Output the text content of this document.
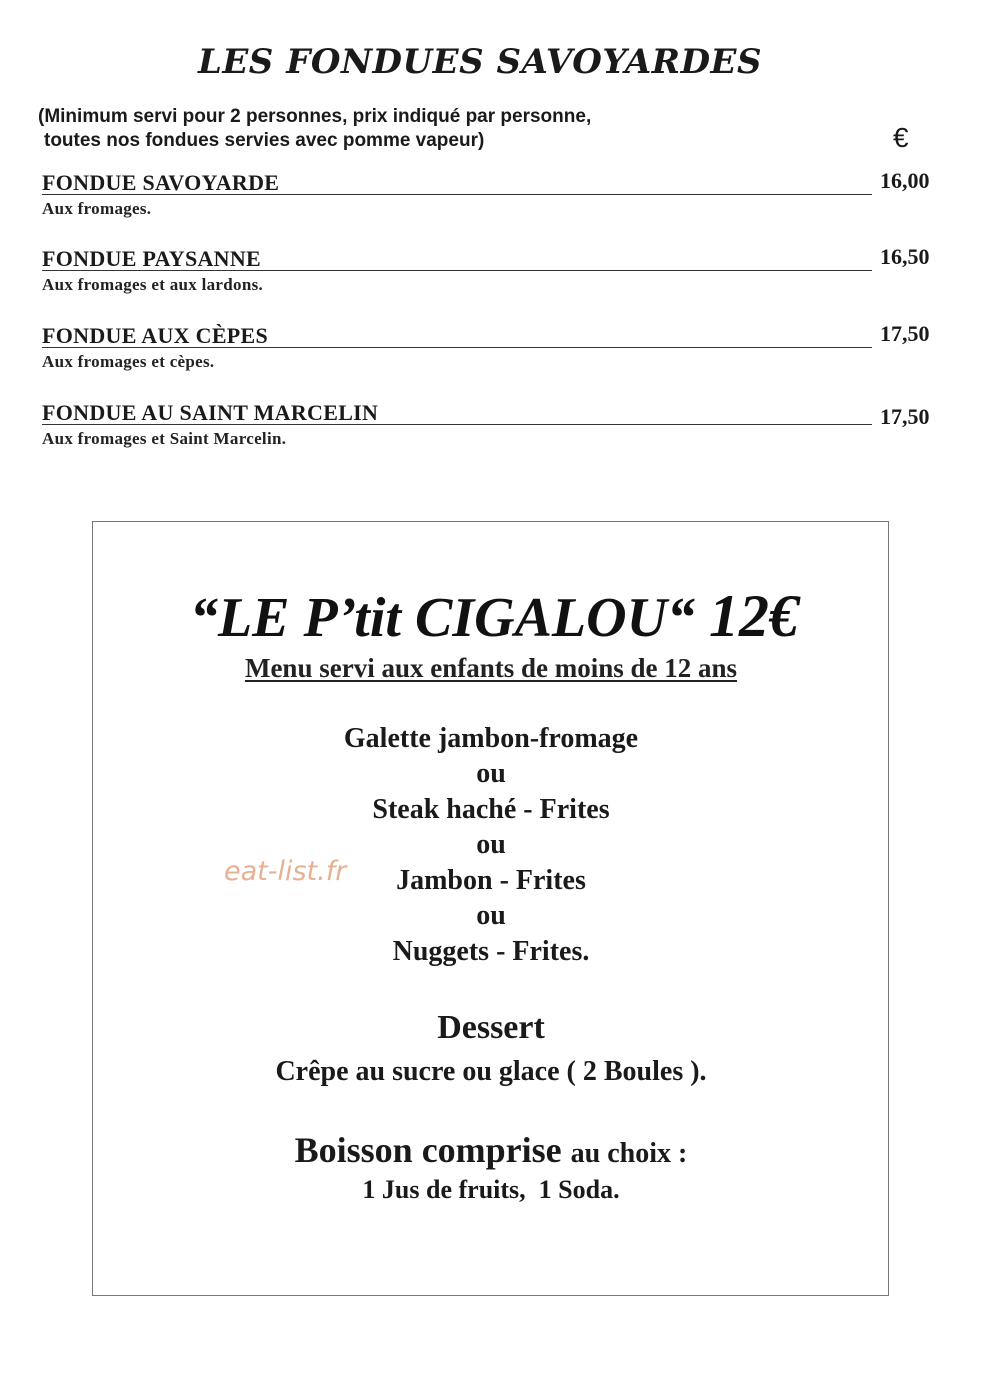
LES FONDUES SAVOYARDES
(Minimum servi pour 2 personnes, prix indiqué par personne,
toutes nos fondues servies avec pomme vapeur)	€
FONDUE SAVOYARDE	16,00
Aux fromages.
FONDUE PAYSANNE	16,50
Aux fromages et aux lardons.
FONDUE AUX CÈPES	17,50
Aux fromages et cèpes.
FONDUE AU SAINT MARCELIN	17,50
Aux fromages et Saint Marcelin.
“LE P’tit CIGALOU“ 12€
Menu servi aux enfants de moins de 12 ans
Galette jambon-fromage
ou
Steak haché - Frites
ou
Jambon - Frites
ou
Nuggets - Frites.
Dessert
Crêpe au sucre ou glace ( 2 Boules ).
Boisson comprise au choix :
1 Jus de fruits,  1 Soda.
eat-list.fr
